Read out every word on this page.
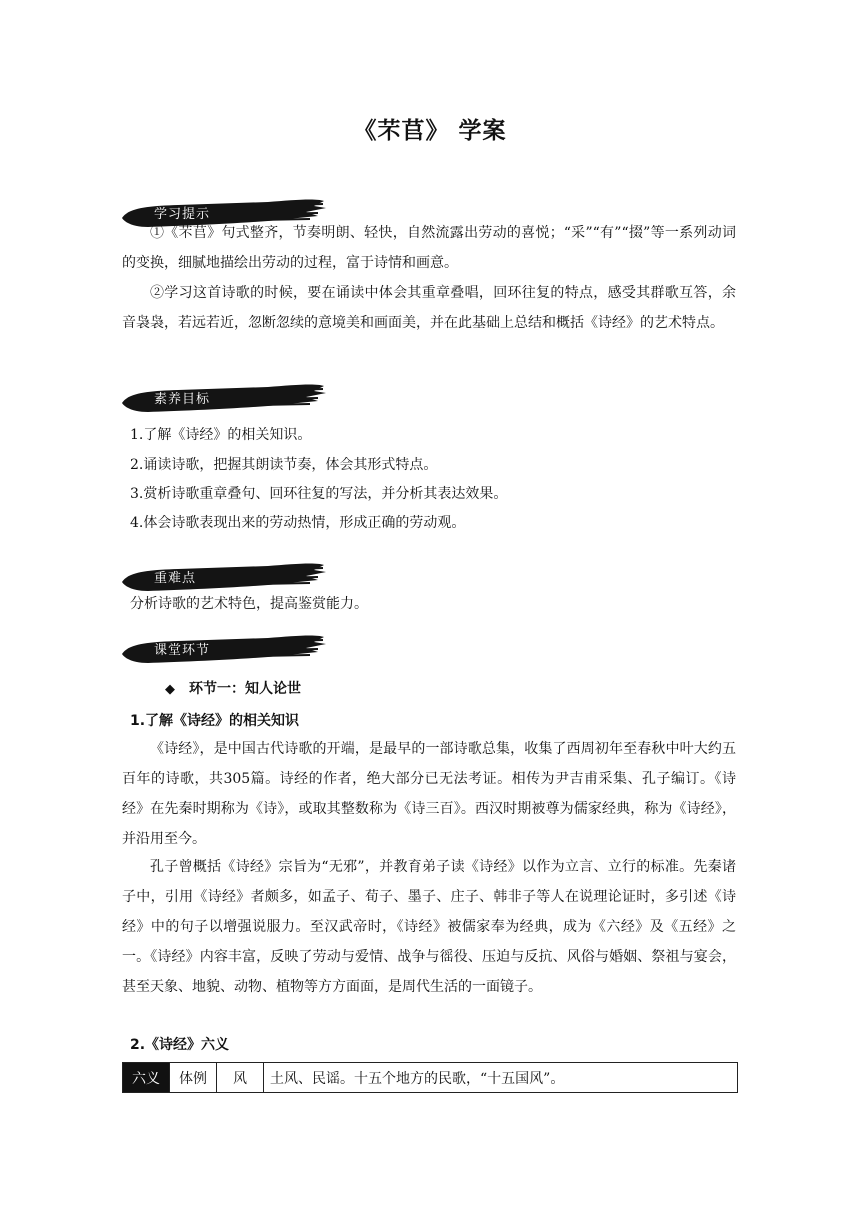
《芣苢》 学案
学习提示
①《芣苢》句式整齐，节奏明朗、轻快，自然流露出劳动的喜悦；“采”“有”“掇”等一系列动词的变换，细腻地描绘出劳动的过程，富于诗情和画意。
②学习这首诗歌的时候，要在诵读中体会其重章叠唱，回环往复的特点，感受其群歌互答，余音袅袅，若远若近，忽断忽续的意境美和画面美，并在此基础上总结和概括《诗经》的艺术特点。
素养目标
1.了解《诗经》的相关知识。
2.诵读诗歌，把握其朗读节奏，体会其形式特点。
3.赏析诗歌重章叠句、回环往复的写法，并分析其表达效果。
4.体会诗歌表现出来的劳动热情，形成正确的劳动观。
重难点
分析诗歌的艺术特色，提高鉴赏能力。
课堂环节
◆ 环节一：知人论世
1.了解《诗经》的相关知识
《诗经》，是中国古代诗歌的开端，是最早的一部诗歌总集，收集了西周初年至春秋中叶大约五百年的诗歌，共305篇。诗经的作者，绝大部分已无法考证。相传为尹吉甫采集、孔子编订。《诗经》在先秦时期称为《诗》，或取其整数称为《诗三百》。西汉时期被尊为儒家经典，称为《诗经》，并沿用至今。
孔子曾概括《诗经》宗旨为“无邪”，并教育弟子读《诗经》以作为立言、立行的标准。先秦诸子中，引用《诗经》者颇多，如孟子、荀子、墨子、庄子、韩非子等人在说理论证时，多引述《诗经》中的句子以增强说服力。至汉武帝时，《诗经》被儒家奉为经典，成为《六经》及《五经》之一。《诗经》内容丰富，反映了劳动与爱情、战争与徭役、压迫与反抗、风俗与婚姻、祭祖与宴会，甚至天象、地貌、动物、植物等方方面面，是周代生活的一面镜子。
2.《诗经》六义
六义	体例	风	土风、民谣。十五个地方的民歌，“十五国风”。
